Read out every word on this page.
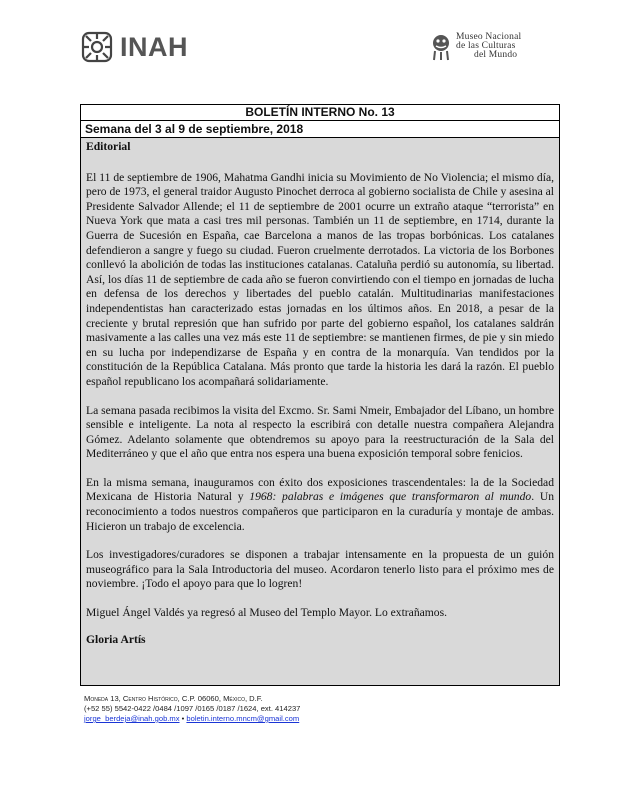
INAH	Museo Nacional
de las Culturas
del Mundo
BOLETÍN INTERNO No. 13
Semana del 3 al 9 de septiembre, 2018

Editorial

El 11 de septiembre de 1906, Mahatma Gandhi inicia su Movimiento de No Violencia; el mismo día, pero de 1973, el general traidor Augusto Pinochet derroca al gobierno socialista de Chile y asesina al Presidente Salvador Allende; el 11 de septiembre de 2001 ocurre un extraño ataque “terrorista” en Nueva York que mata a casi tres mil personas. También un 11 de septiembre, en 1714, durante la Guerra de Sucesión en España, cae Barcelona a manos de las tropas borbónicas. Los catalanes defendieron a sangre y fuego su ciudad. Fueron cruelmente derrotados. La victoria de los Borbones conllevó la abolición de todas las instituciones catalanas. Cataluña perdió su autonomía, su libertad. Así, los días 11 de septiembre de cada año se fueron convirtiendo con el tiempo en jornadas de lucha en defensa de los derechos y libertades del pueblo catalán. Multitudinarias manifestaciones independentistas han caracterizado estas jornadas en los últimos años. En 2018, a pesar de la creciente y brutal represión que han sufrido por parte del gobierno español, los catalanes saldrán masivamente a las calles una vez más este 11 de septiembre: se mantienen firmes, de pie y sin miedo en su lucha por independizarse de España y en contra de la monarquía. Van tendidos por la constitución de la República Catalana. Más pronto que tarde la historia les dará la razón. El pueblo español republicano los acompañará solidariamente.

La semana pasada recibimos la visita del Excmo. Sr. Sami Nmeir, Embajador del Líbano, un hombre sensible e inteligente. La nota al respecto la escribirá con detalle nuestra compañera Alejandra Gómez. Adelanto solamente que obtendremos su apoyo para la reestructuración de la Sala del Mediterráneo y que el año que entra nos espera una buena exposición temporal sobre fenicios.

En la misma semana, inauguramos con éxito dos exposiciones trascendentales: la de la Sociedad Mexicana de Historia Natural y 1968: palabras e imágenes que transformaron al mundo. Un reconocimiento a todos nuestros compañeros que participaron en la curaduría y montaje de ambas. Hicieron un trabajo de excelencia.

Los investigadores/curadores se disponen a trabajar intensamente en la propuesta de un guión museográfico para la Sala Introductoria del museo. Acordaron tenerlo listo para el próximo mes de noviembre. ¡Todo el apoyo para que lo logren!

Miguel Ángel Valdés ya regresó al Museo del Templo Mayor. Lo extrañamos.

Gloria Artís

Moneda 13, Centro Histórico, C.P. 06060, México, D.F.
(+52 55) 5542-0422 /0484 /1097 /0165 /0187 /1624, ext. 414237
jorge_berdeja@inah.gob.mx • boletin.interno.mncm@gmail.com
